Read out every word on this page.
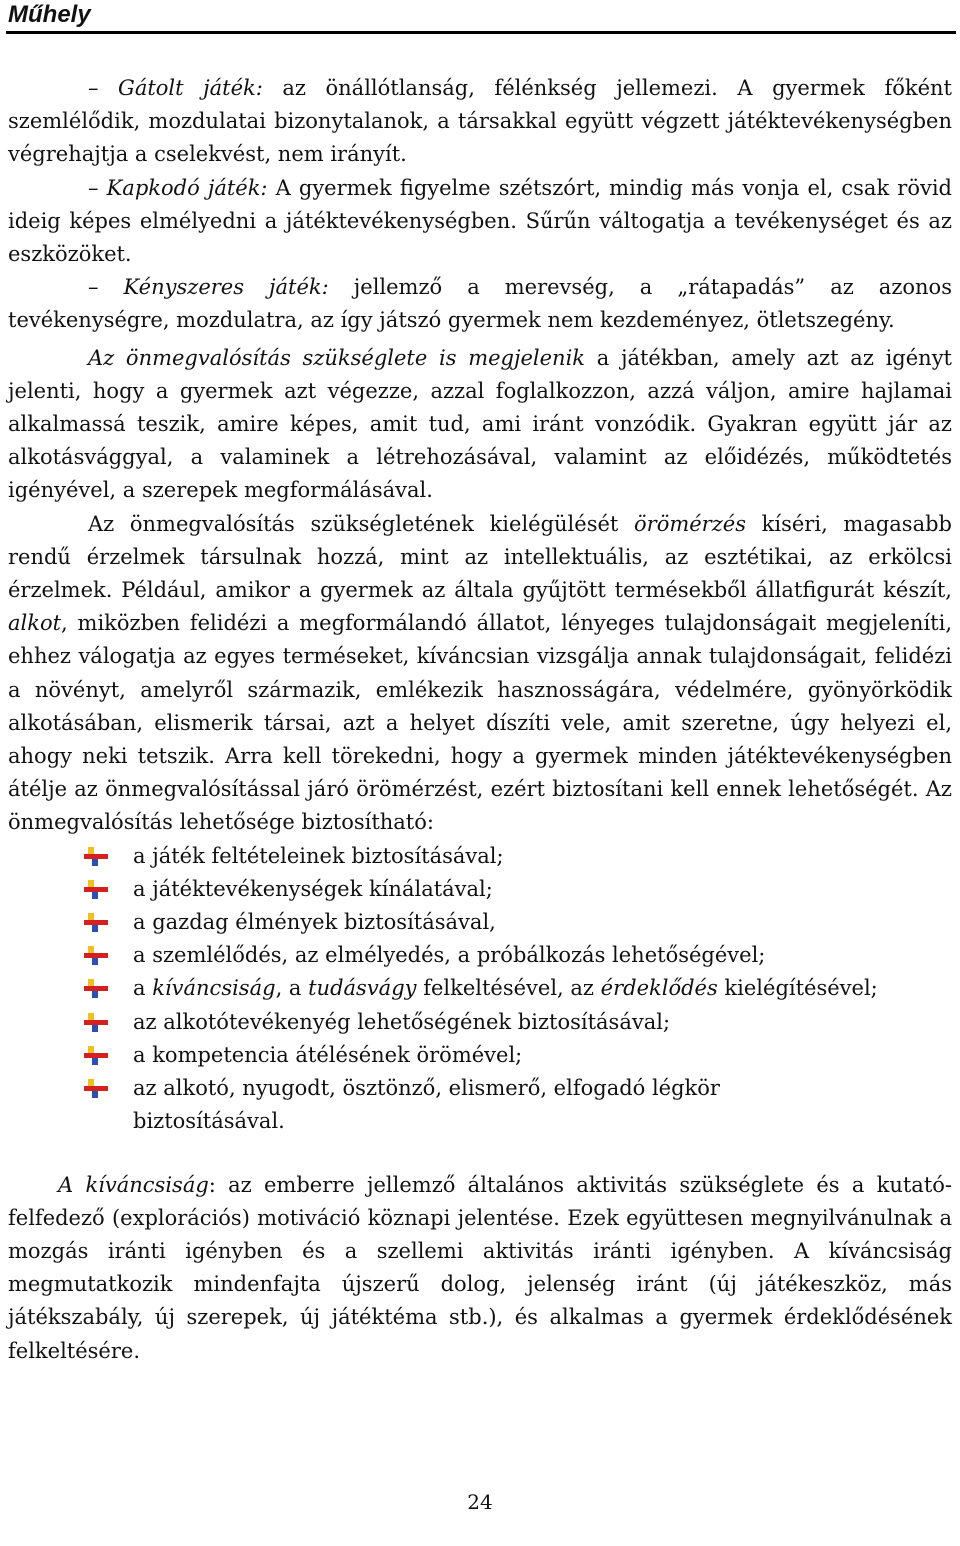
Műhely

– Gátolt játék: az önállótlanság, félénkség jellemezi. A gyermek főként szemlélődik, mozdulatai bizonytalanok, a társakkal együtt végzett játéktevékenységben végrehajtja a cselekvést, nem irányít.

– Kapkodó játék: A gyermek figyelme szétszórt, mindig más vonja el, csak rövid ideig képes elmélyedni a játéktevékenységben. Sűrűn váltogatja a tevékenységet és az eszközöket.

– Kényszeres játék: jellemző a merevség, a „rátapadás” az azonos tevékenységre, mozdulatra, az így játszó gyermek nem kezdeményez, ötletszegény.

Az önmegvalósítás szükséglete is megjelenik a játékban, amely azt az igényt jelenti, hogy a gyermek azt végezze, azzal foglalkozzon, azzá váljon, amire hajlamai alkalmassá teszik, amire képes, amit tud, ami iránt vonzódik. Gyakran együtt jár az alkotásvággyal, a valaminek a létrehozásával, valamint az előidézés, működtetés igényével, a szerepek megformálásával.

Az önmegvalósítás szükségletének kielégülését örömérzés kíséri, magasabb rendű érzelmek társulnak hozzá, mint az intellektuális, az esztétikai, az erkölcsi érzelmek. Például, amikor a gyermek az általa gyűjtött termésekből állatfigurát készít, alkot, miközben felidézi a megformálandó állatot, lényeges tulajdonságait megjeleníti, ehhez válogatja az egyes terméseket, kíváncsian vizsgálja annak tulajdonságait, felidézi a növényt, amelyről származik, emlékezik hasznosságára, védelmére, gyönyörködik alkotásában, elismerik társai, azt a helyet díszíti vele, amit szeretne, úgy helyezi el, ahogy neki tetszik. Arra kell törekedni, hogy a gyermek minden játéktevékenységben átélje az önmegvalósítással járó örömérzést, ezért biztosítani kell ennek lehetőségét. Az önmegvalósítás lehetősége biztosítható:

a játék feltételeinek biztosításával;
a játéktevékenységek kínálatával;
a gazdag élmények biztosításával,
a szemlélődés, az elmélyedés, a próbálkozás lehetőségével;
a kíváncsiság, a tudásvágy felkeltésével, az érdeklődés kielégítésével;
az alkotótevékenyég lehetőségének biztosításával;
a kompetencia átélésének örömével;
az alkotó, nyugodt, ösztönző, elismerő, elfogadó légkör biztosításával.

A kíváncsiság: az emberre jellemző általános aktivitás szükséglete és a kutató-felfedező (explorációs) motiváció köznapi jelentése. Ezek együttesen megnyilvánulnak a mozgás iránti igényben és a szellemi aktivitás iránti igényben. A kíváncsiság megmutatkozik mindenfajta újszerű dolog, jelenség iránt (új játékeszköz, más játékszabály, új szerepek, új játéktéma stb.), és alkalmas a gyermek érdeklődésének felkeltésére.

24
